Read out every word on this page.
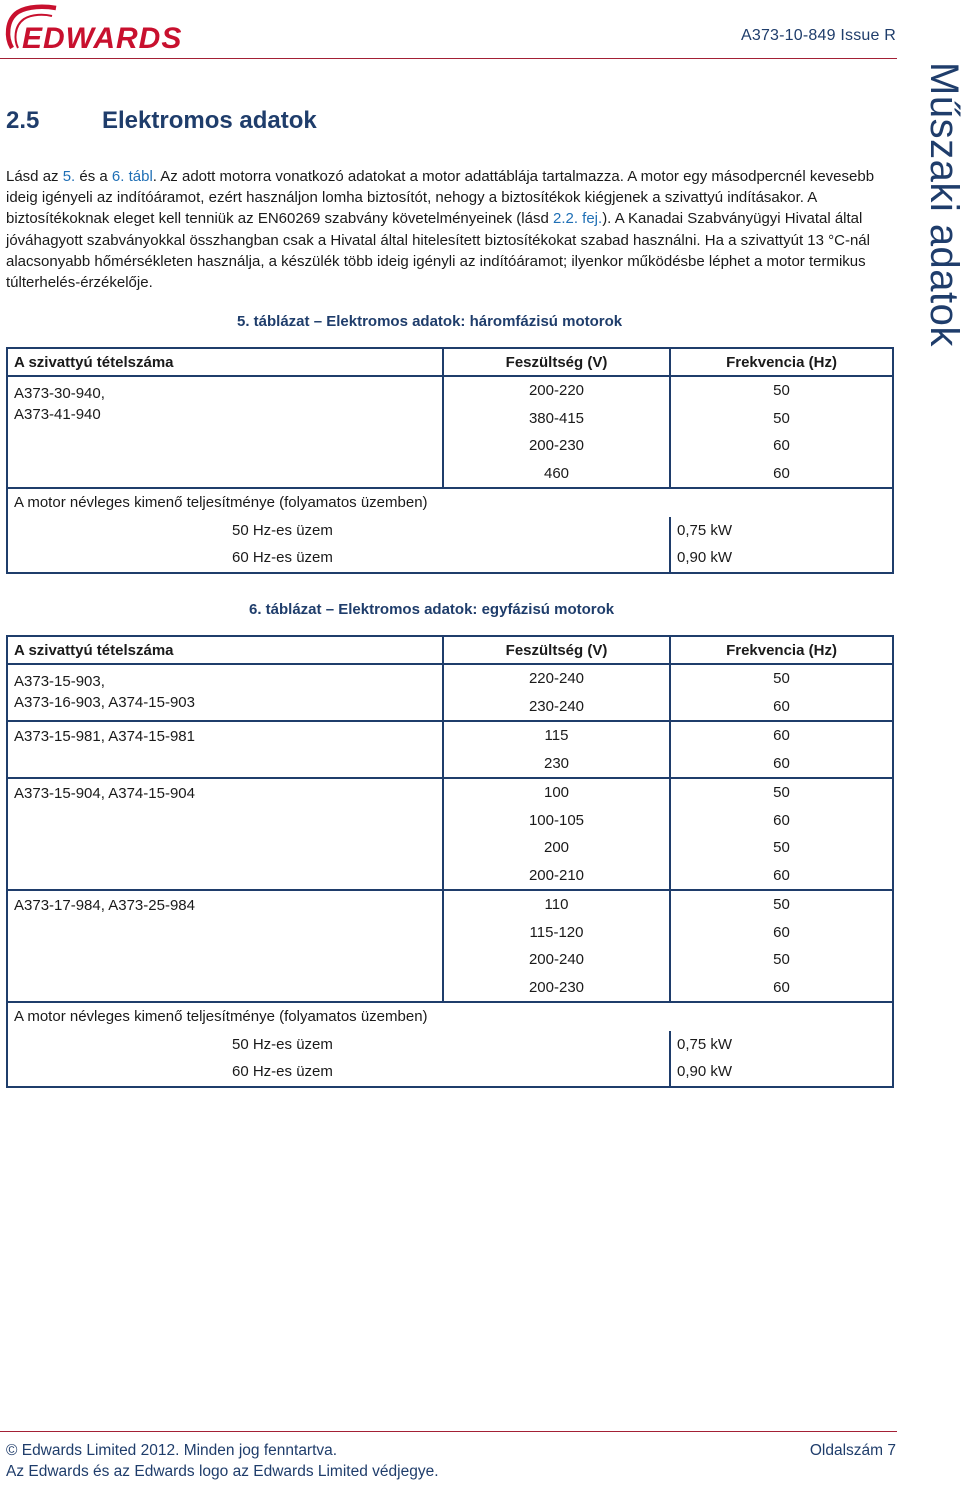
EDWARDS	A373-10-849 Issue R
Műszaki adatok
2.5	Elektromos adatok
Lásd az 5. és a 6. tábl. Az adott motorra vonatkozó adatokat a motor adattáblája tartalmazza. A motor egy másodpercnél kevesebb ideig igényeli az indítóáramot, ezért használjon lomha biztosítót, nehogy a biztosítékok kiégjenek a szivattyú indításakor. A biztosítékoknak eleget kell tenniük az EN60269 szabvány követelményeinek (lásd 2.2. fej.). A Kanadai Szabványügyi Hivatal által jóváhagyott szabványokkal összhangban csak a Hivatal által hitelesített biztosítékokat szabad használni. Ha a szivattyút 13 °C-nál alacsonyabb hőmérsékleten használja, a készülék több ideig igényli az indítóáramot; ilyenkor működésbe léphet a motor termikus túlterhelés-érzékelője.
5. táblázat – Elektromos adatok: háromfázisú motorok
A szivattyú tételszáma	Feszültség (V)	Frekvencia (Hz)

A373-30-940,
A373-41-940	200-220	50
	380-415	50
	200-230	60
	460	60
A motor névleges kimenő teljesítménye (folyamatos üzemben)		
50 Hz-es üzem		0,75 kW
60 Hz-es üzem		0,90 kW
6. táblázat – Elektromos adatok: egyfázisú motorok
A szivattyú tételszáma	Feszültség (V)	Frekvencia (Hz)

A373-15-903,
A373-16-903, A374-15-903	220-240	50
	230-240	60

A373-15-981, A374-15-981	115	60
	230	60

A373-15-904, A374-15-904	100	50
	100-105	60
	200	50
	200-210	60

A373-17-984, A373-25-984	110	50
	115-120	60
	200-240	50
	200-230	60
A motor névleges kimenő teljesítménye (folyamatos üzemben)		
50 Hz-es üzem		0,75 kW
60 Hz-es üzem		0,90 kW
© Edwards Limited 2012. Minden jog fenntartva.
Az Edwards és az Edwards logo az Edwards Limited védjegye.
Oldalszám 7
